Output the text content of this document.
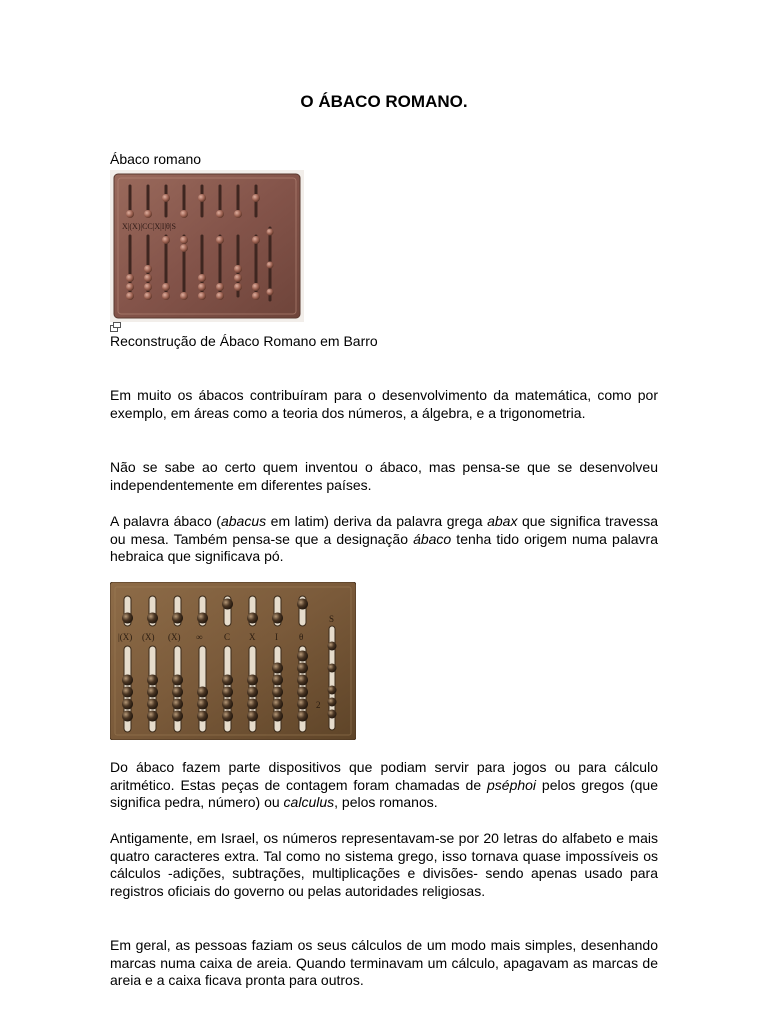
O ÁBACO ROMANO.

Ábaco romano

X|(X)|CC|X|I|θ|S

Reconstrução de Ábaco Romano em Barro

Em muito os ábacos contribuíram para o desenvolvimento da matemática, como por exemplo, em áreas como a teoria dos números, a álgebra, e a trigonometria.

Não se sabe ao certo quem inventou o ábaco, mas pensa-se que se desenvolveu independentemente em diferentes países.

A palavra ábaco (abacus em latim) deriva da palavra grega abax que significa travessa ou mesa. Também pensa-se que a designação ábaco tenha tido origem numa palavra hebraica que significava pó.

|(X) (X) (X) ∞ C X I θ
S
2

Do ábaco fazem parte dispositivos que podiam servir para jogos ou para cálculo aritmético. Estas peças de contagem foram chamadas de pséphoi pelos gregos (que significa pedra, número) ou calculus, pelos romanos.

Antigamente, em Israel, os números representavam-se por 20 letras do alfabeto e mais quatro caracteres extra. Tal como no sistema grego, isso tornava quase impossíveis os cálculos -adições, subtrações, multiplicações e divisões- sendo apenas usado para registros oficiais do governo ou pelas autoridades religiosas.

Em geral, as pessoas faziam os seus cálculos de um modo mais simples, desenhando marcas numa caixa de areia. Quando terminavam um cálculo, apagavam as marcas de areia e a caixa ficava pronta para outros.
